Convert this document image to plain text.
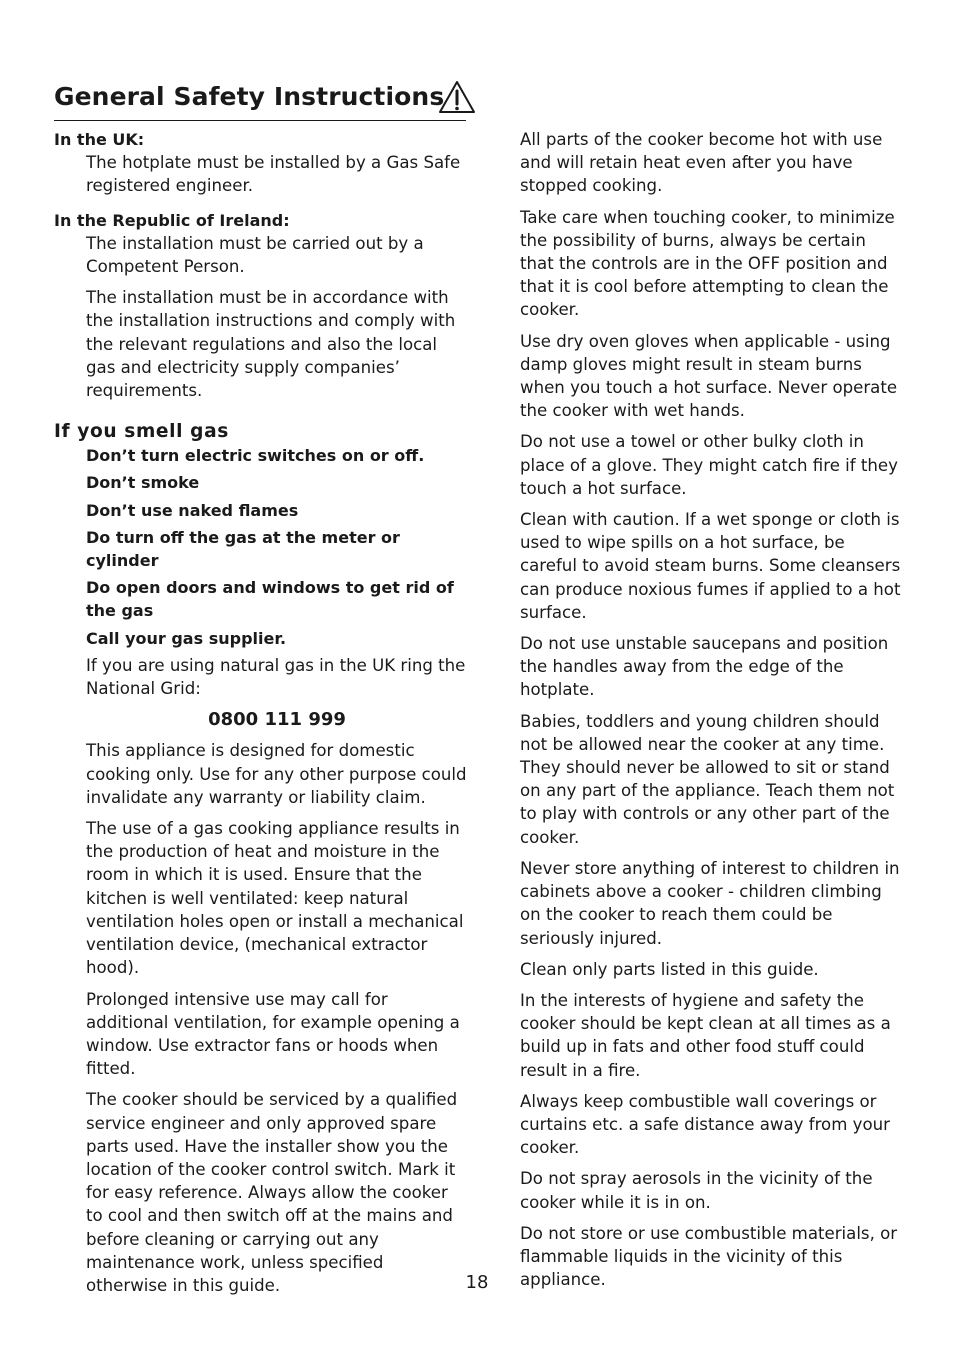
General Safety Instructions

In the UK:

The hotplate must be installed by a Gas Safe registered engineer.

In the Republic of Ireland:

The installation must be carried out by a Competent Person.

The installation must be in accordance with the installation instructions and comply with the relevant regulations and also the local gas and electricity supply companies’ requirements.

If you smell gas

Don’t turn electric switches on or off.

Don’t smoke

Don’t use naked flames

Do turn off the gas at the meter or cylinder

Do open doors and windows to get rid of the gas

Call your gas supplier.

If you are using natural gas in the UK ring the National Grid:

0800 111 999

This appliance is designed for domestic cooking only. Use for any other purpose could invalidate any warranty or liability claim.

The use of a gas cooking appliance results in the production of heat and moisture in the room in which it is used. Ensure that the kitchen is well ventilated: keep natural ventilation holes open or install a mechanical ventilation device, (mechanical extractor hood).

Prolonged intensive use may call for additional ventilation, for example opening a window. Use extractor fans or hoods when fitted.

The cooker should be serviced by a qualified service engineer and only approved spare parts used. Have the installer show you the location of the cooker control switch. Mark it for easy reference. Always allow the cooker to cool and then switch off at the mains and before cleaning or carrying out any maintenance work, unless specified otherwise in this guide.

All parts of the cooker become hot with use and will retain heat even after you have stopped cooking.

Take care when touching cooker, to minimize the possibility of burns, always be certain that the controls are in the OFF position and that it is cool before attempting to clean the cooker.

Use dry oven gloves when applicable - using damp gloves might result in steam burns when you touch a hot surface. Never operate the cooker with wet hands.

Do not use a towel or other bulky cloth in place of a glove. They might catch fire if they touch a hot surface.

Clean with caution. If a wet sponge or cloth is used to wipe spills on a hot surface, be careful to avoid steam burns. Some cleansers can produce noxious fumes if applied to a hot surface.

Do not use unstable saucepans and position the handles away from the edge of the hotplate.

Babies, toddlers and young children should not be allowed near the cooker at any time. They should never be allowed to sit or stand on any part of the appliance. Teach them not to play with controls or any other part of the cooker.

Never store anything of interest to children in cabinets above a cooker - children climbing on the cooker to reach them could be seriously injured.

Clean only parts listed in this guide.

In the interests of hygiene and safety the cooker should be kept clean at all times as a build up in fats and other food stuff could result in a fire.

Always keep combustible wall coverings or curtains etc. a safe distance away from your cooker.

Do not spray aerosols in the vicinity of the cooker while it is in on.

Do not store or use combustible materials, or flammable liquids in the vicinity of this appliance.

18
